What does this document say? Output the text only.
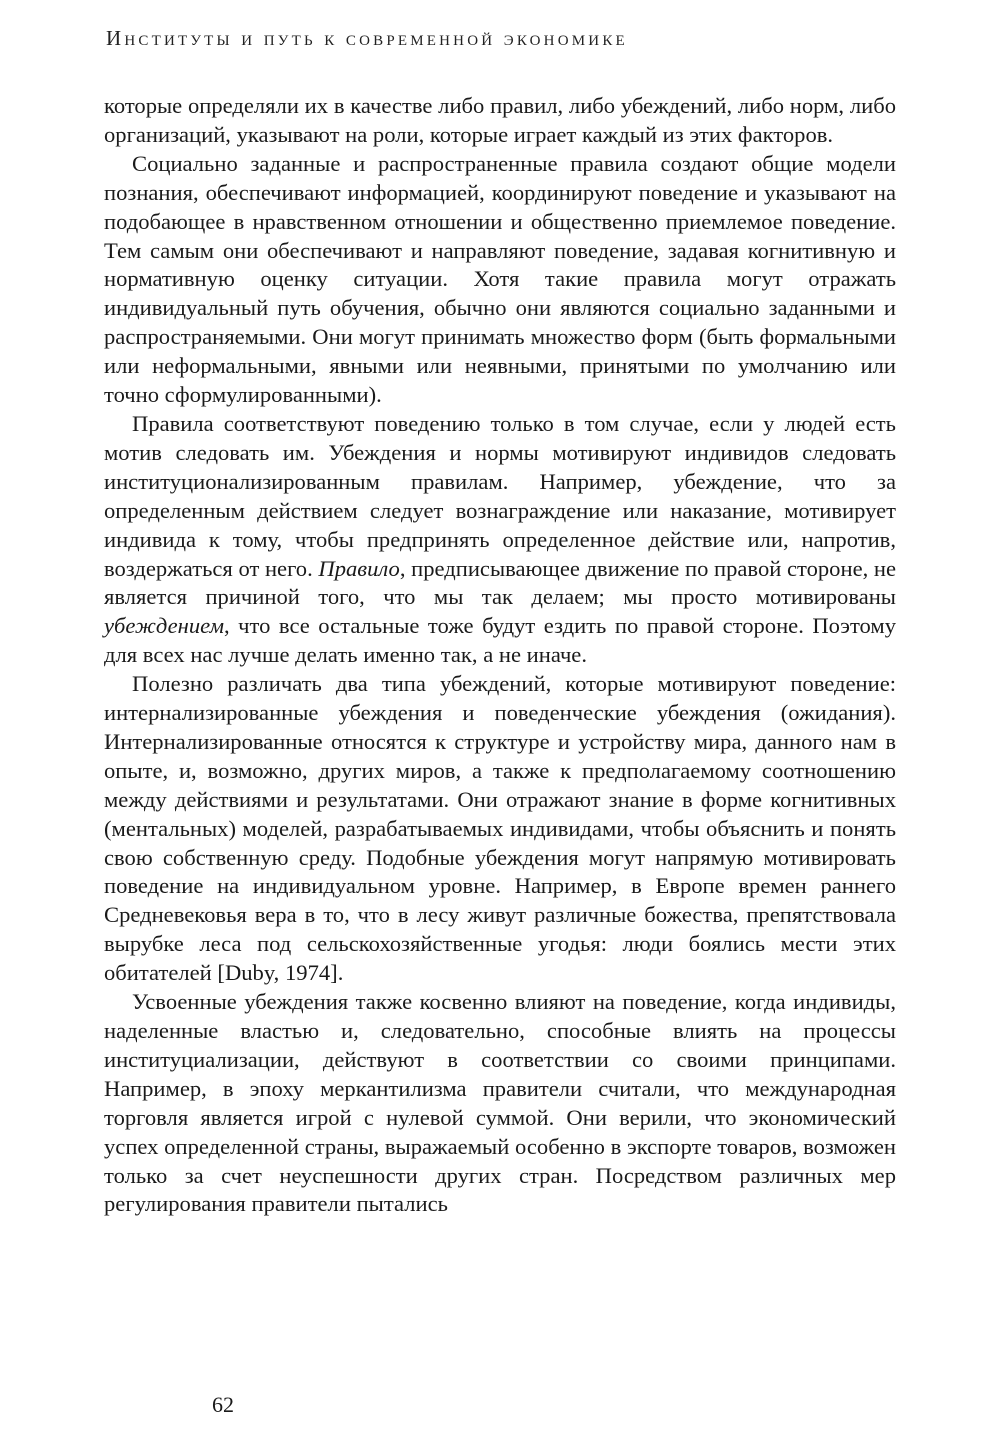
Институты и путь к современной экономике

которые определяли их в качестве либо правил, либо убеждений, либо норм, либо организаций, указывают на роли, которые играет каждый из этих факторов.

Социально заданные и распространенные правила создают общие модели познания, обеспечивают информацией, координируют поведение и указывают на подобающее в нравственном отношении и общественно приемлемое поведение. Тем самым они обеспечивают и направляют поведение, задавая когнитивную и нормативную оценку ситуации. Хотя такие правила могут отражать индивидуальный путь обучения, обычно они являются социально заданными и распространяемыми. Они могут принимать множество форм (быть формальными или неформальными, явными или неявными, принятыми по умолчанию или точно сформулированными).

Правила соответствуют поведению только в том случае, если у людей есть мотив следовать им. Убеждения и нормы мотивируют индивидов следовать институционализированным правилам. Например, убеждение, что за определенным действием следует вознаграждение или наказание, мотивирует индивида к тому, чтобы предпринять определенное действие или, напротив, воздержаться от него. Правило, предписывающее движение по правой стороне, не является причиной того, что мы так делаем; мы просто мотивированы убеждением, что все остальные тоже будут ездить по правой стороне. Поэтому для всех нас лучше делать именно так, а не иначе.

Полезно различать два типа убеждений, которые мотивируют поведение: интернализированные убеждения и поведенческие убеждения (ожидания). Интернализированные относятся к структуре и устройству мира, данного нам в опыте, и, возможно, других миров, а также к предполагаемому соотношению между действиями и результатами. Они отражают знание в форме когнитивных (ментальных) моделей, разрабатываемых индивидами, чтобы объяснить и понять свою собственную среду. Подобные убеждения могут напрямую мотивировать поведение на индивидуальном уровне. Например, в Европе времен раннего Средневековья вера в то, что в лесу живут различные божества, препятствовала вырубке леса под сельскохозяйственные угодья: люди боялись мести этих обитателей [Duby, 1974].

Усвоенные убеждения также косвенно влияют на поведение, когда индивиды, наделенные властью и, следовательно, способные влиять на процессы институциализации, действуют в соответствии со своими принципами. Например, в эпоху меркантилизма правители считали, что международная торговля является игрой с нулевой суммой. Они верили, что экономический успех определенной страны, выражаемый особенно в экспорте товаров, возможен только за счет неуспешности других стран. Посредством различных мер регулирования правители пытались

62
